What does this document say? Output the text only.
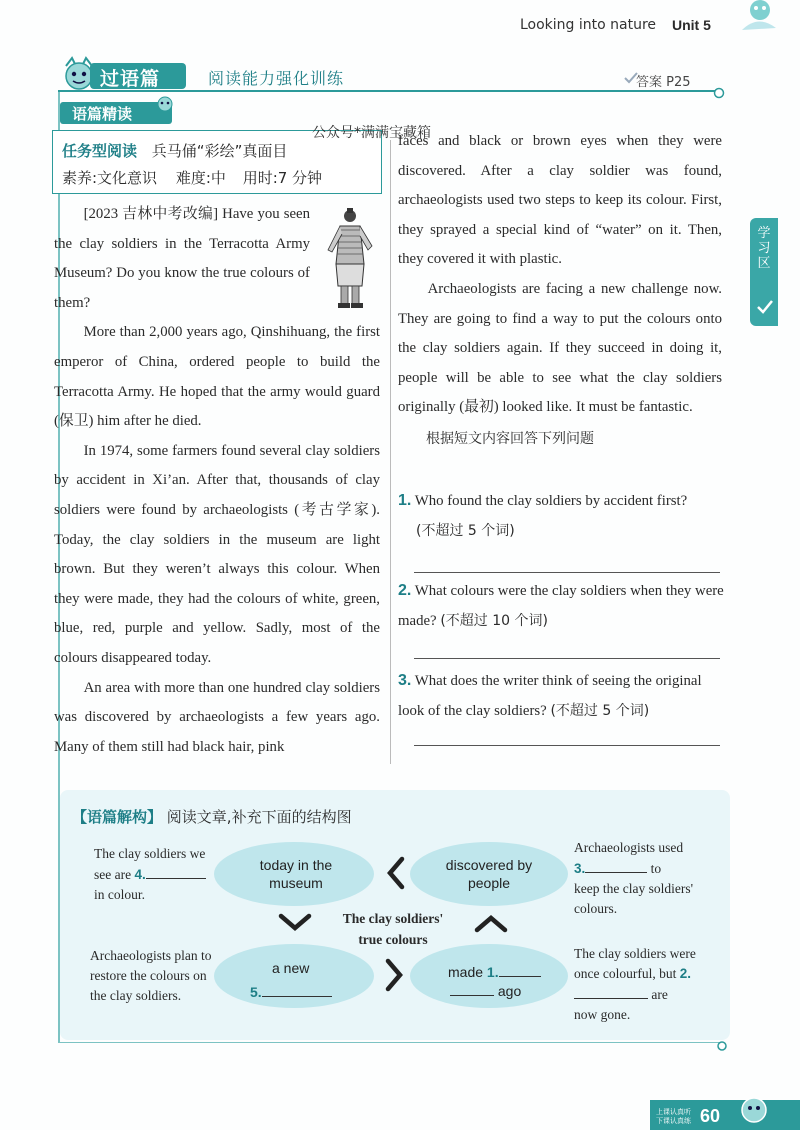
Looking into nature Unit 5
过语篇	阅读能力强化训练	答案 P25
语篇精读
任务型阅读 兵马俑“彩绘”真面目
素养:文化意识 难度:中 用时:7 分钟
公众号*满满宝藏箱

[2023 吉林中考改编] Have you seen the clay soldiers in the Terracotta Army Museum? Do you know the true colours of them?

More than 2,000 years ago, Qinshihuang, the first emperor of China, ordered people to build the Terracotta Army. He hoped that the army would guard (保卫) him after he died.

In 1974, some farmers found several clay soldiers by accident in Xi’an. After that, thousands of clay soldiers were found by archaeologists (考古学家). Today, the clay soldiers in the museum are light brown. But they weren’t always this colour. When they were made, they had the colours of white, green, blue, red, purple and yellow. Sadly, most of the colours disappeared today.

An area with more than one hundred clay soldiers was discovered by archaeologists a few years ago. Many of them still had black hair, pink

faces and black or brown eyes when they were discovered. After a clay soldier was found, archaeologists used two steps to keep its colour. First, they sprayed a special kind of “water” on it. Then, they covered it with plastic.

Archaeologists are facing a new challenge now. They are going to find a way to put the colours onto the clay soldiers again. If they succeed in doing it, people will be able to see what the clay soldiers originally (最初) looked like. It must be fantastic.

根据短文内容回答下列问题

1. Who found the clay soldiers by accident first?
(不超过 5 个词)
2. What colours were the clay soldiers when they were made? (不超过 10 个词)
3. What does the writer think of seeing the original look of the clay soldiers? (不超过 5 个词)
学习区
【语篇解构】 阅读文章,补充下面的结构图
today in the museum
discovered by people
a new
5.
made 1.
ago
The clay soldiers' true colours
The clay soldiers we see are 4.
in colour.
Archaeologists plan to restore the colours on the clay soldiers.
Archaeologists used
3.	to
keep the clay soldiers' colours.
The clay soldiers were once colourful, but 2. are
now gone.
上课认真听
下课认真练 60
